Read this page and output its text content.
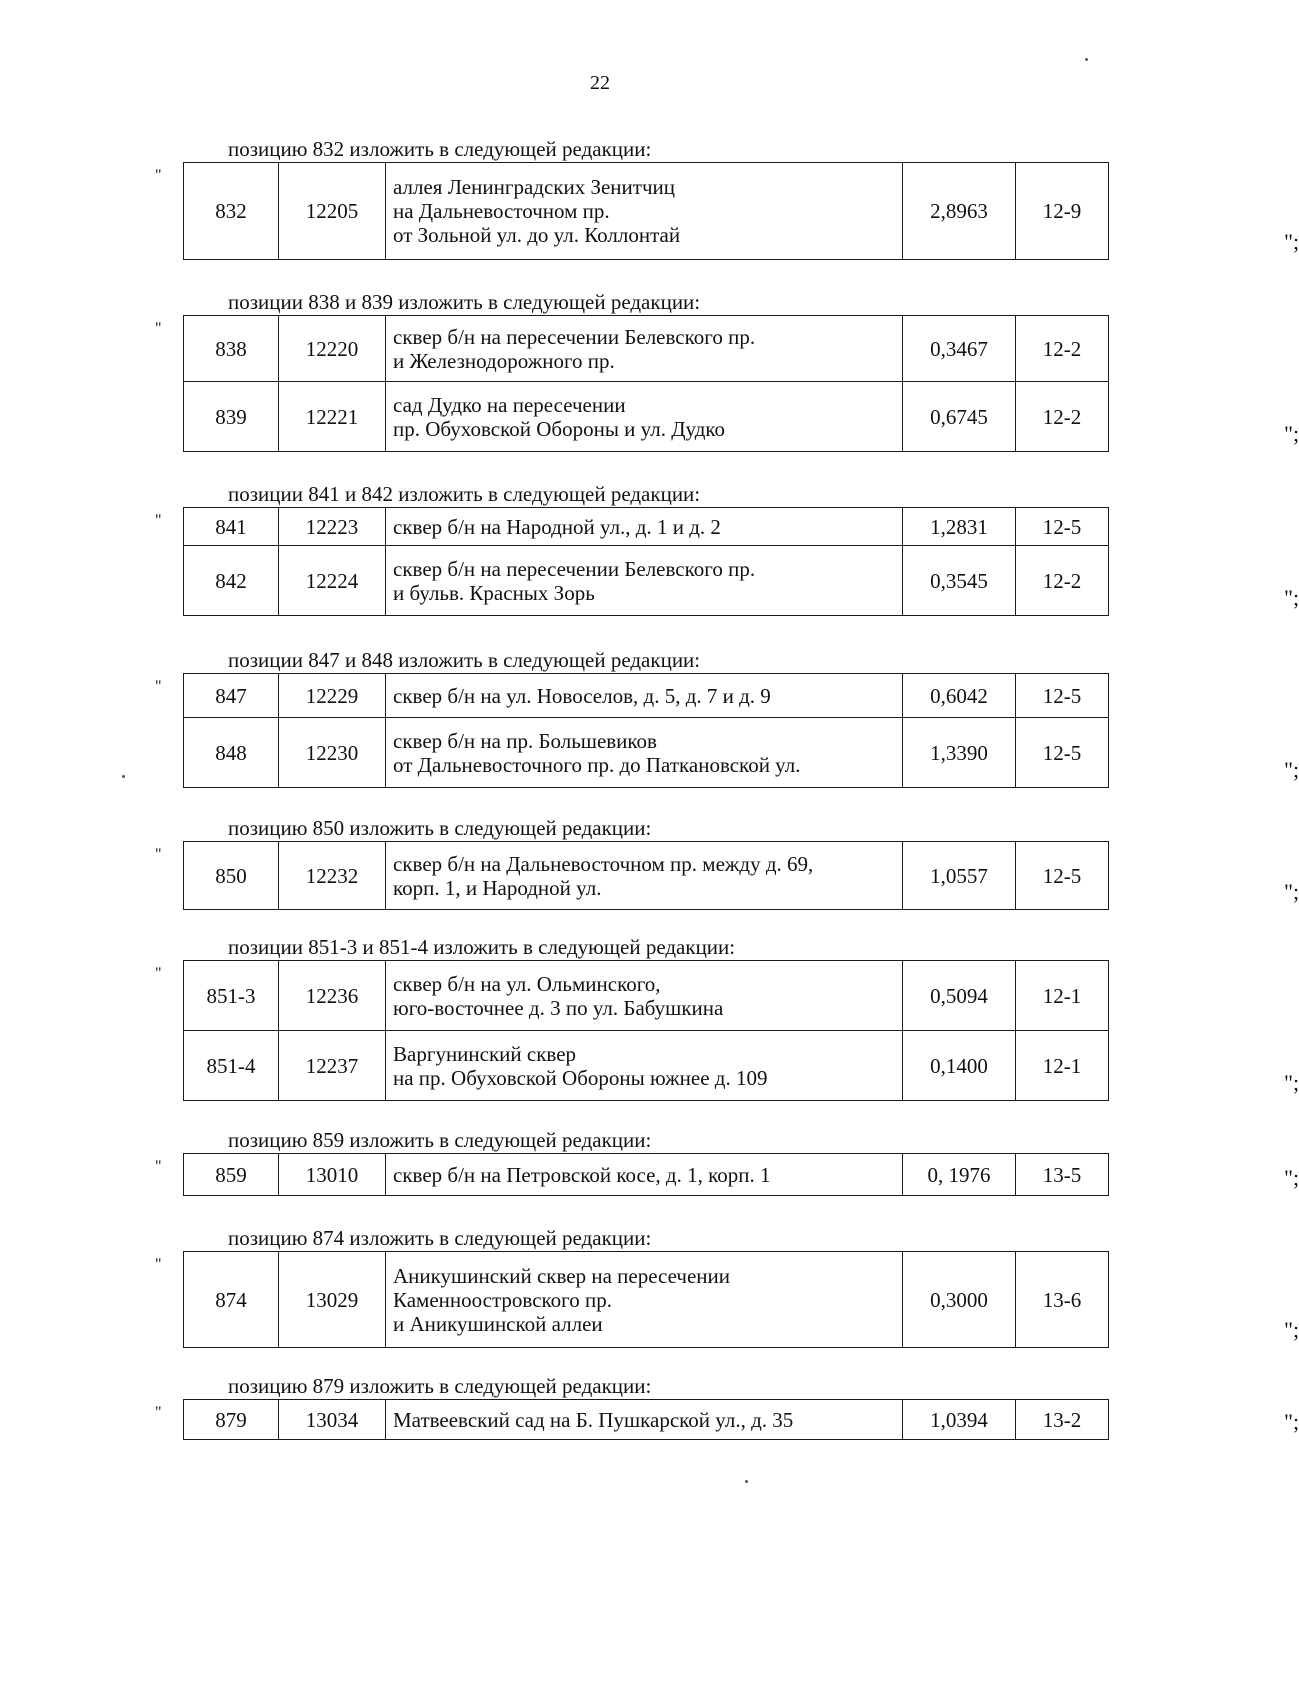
22
позицию 832 изложить в следующей редакции:
"
832	12205	
аллея Ленинградских Зенитчиц
на Дальневосточном пр.
от Зольной ул. до ул. Коллонтай
	2,8963	12-9
";
позиции 838 и 839 изложить в следующей редакции:
"
838	12220	сквер б/н на пересечении Белевского пр.
и Железнодорожного пр.	0,3467	12-2
839	12221	сад Дудко на пересечении
пр. Обуховской Обороны и ул. Дудко	0,6745	12-2
";
позиции 841 и 842 изложить в следующей редакции:
"	841	12223	сквер б/н на Народной ул., д. 1 и д. 2	1,2831	12-5
842	12224	сквер б/н на пересечении Белевского пр.
и бульв. Красных Зорь	0,3545	12-2
";
позиции 847 и 848 изложить в следующей редакции:
"	847	12229	сквер б/н на ул. Новоселов, д. 5, д. 7 и д. 9	0,6042	12-5
848	12230	сквер б/н на пр. Большевиков
от Дальневосточного пр. до Паткановской ул.	1,3390	12-5
";
позицию 850 изложить в следующей редакции:
"
850	12232	сквер б/н на Дальневосточном пр. между д. 69,
корп. 1, и Народной ул.	1,0557	12-5
";
позиции 851-3 и 851-4 изложить в следующей редакции:
"
851-3	12236	сквер б/н на ул. Ольминского,
юго-восточнее д. 3 по ул. Бабушкина	0,5094	12-1
851-4	12237	Варгунинский сквер
на пр. Обуховской Обороны южнее д. 109	0,1400	12-1
";
позицию 859 изложить в следующей редакции:
"	859	13010	сквер б/н на Петровской косе, д. 1, корп. 1	0, 1976	13-5	";
позицию 874 изложить в следующей редакции:
"
874	13029	
Аникушинский сквер на пересечении
Каменноостровского пр.
и Аникушинской аллеи
	0,3000	13-6
";
позицию 879 изложить в следующей редакции:
"	879	13034	Матвеевский сад на Б. Пушкарской ул., д. 35	1,0394	13-2	";
